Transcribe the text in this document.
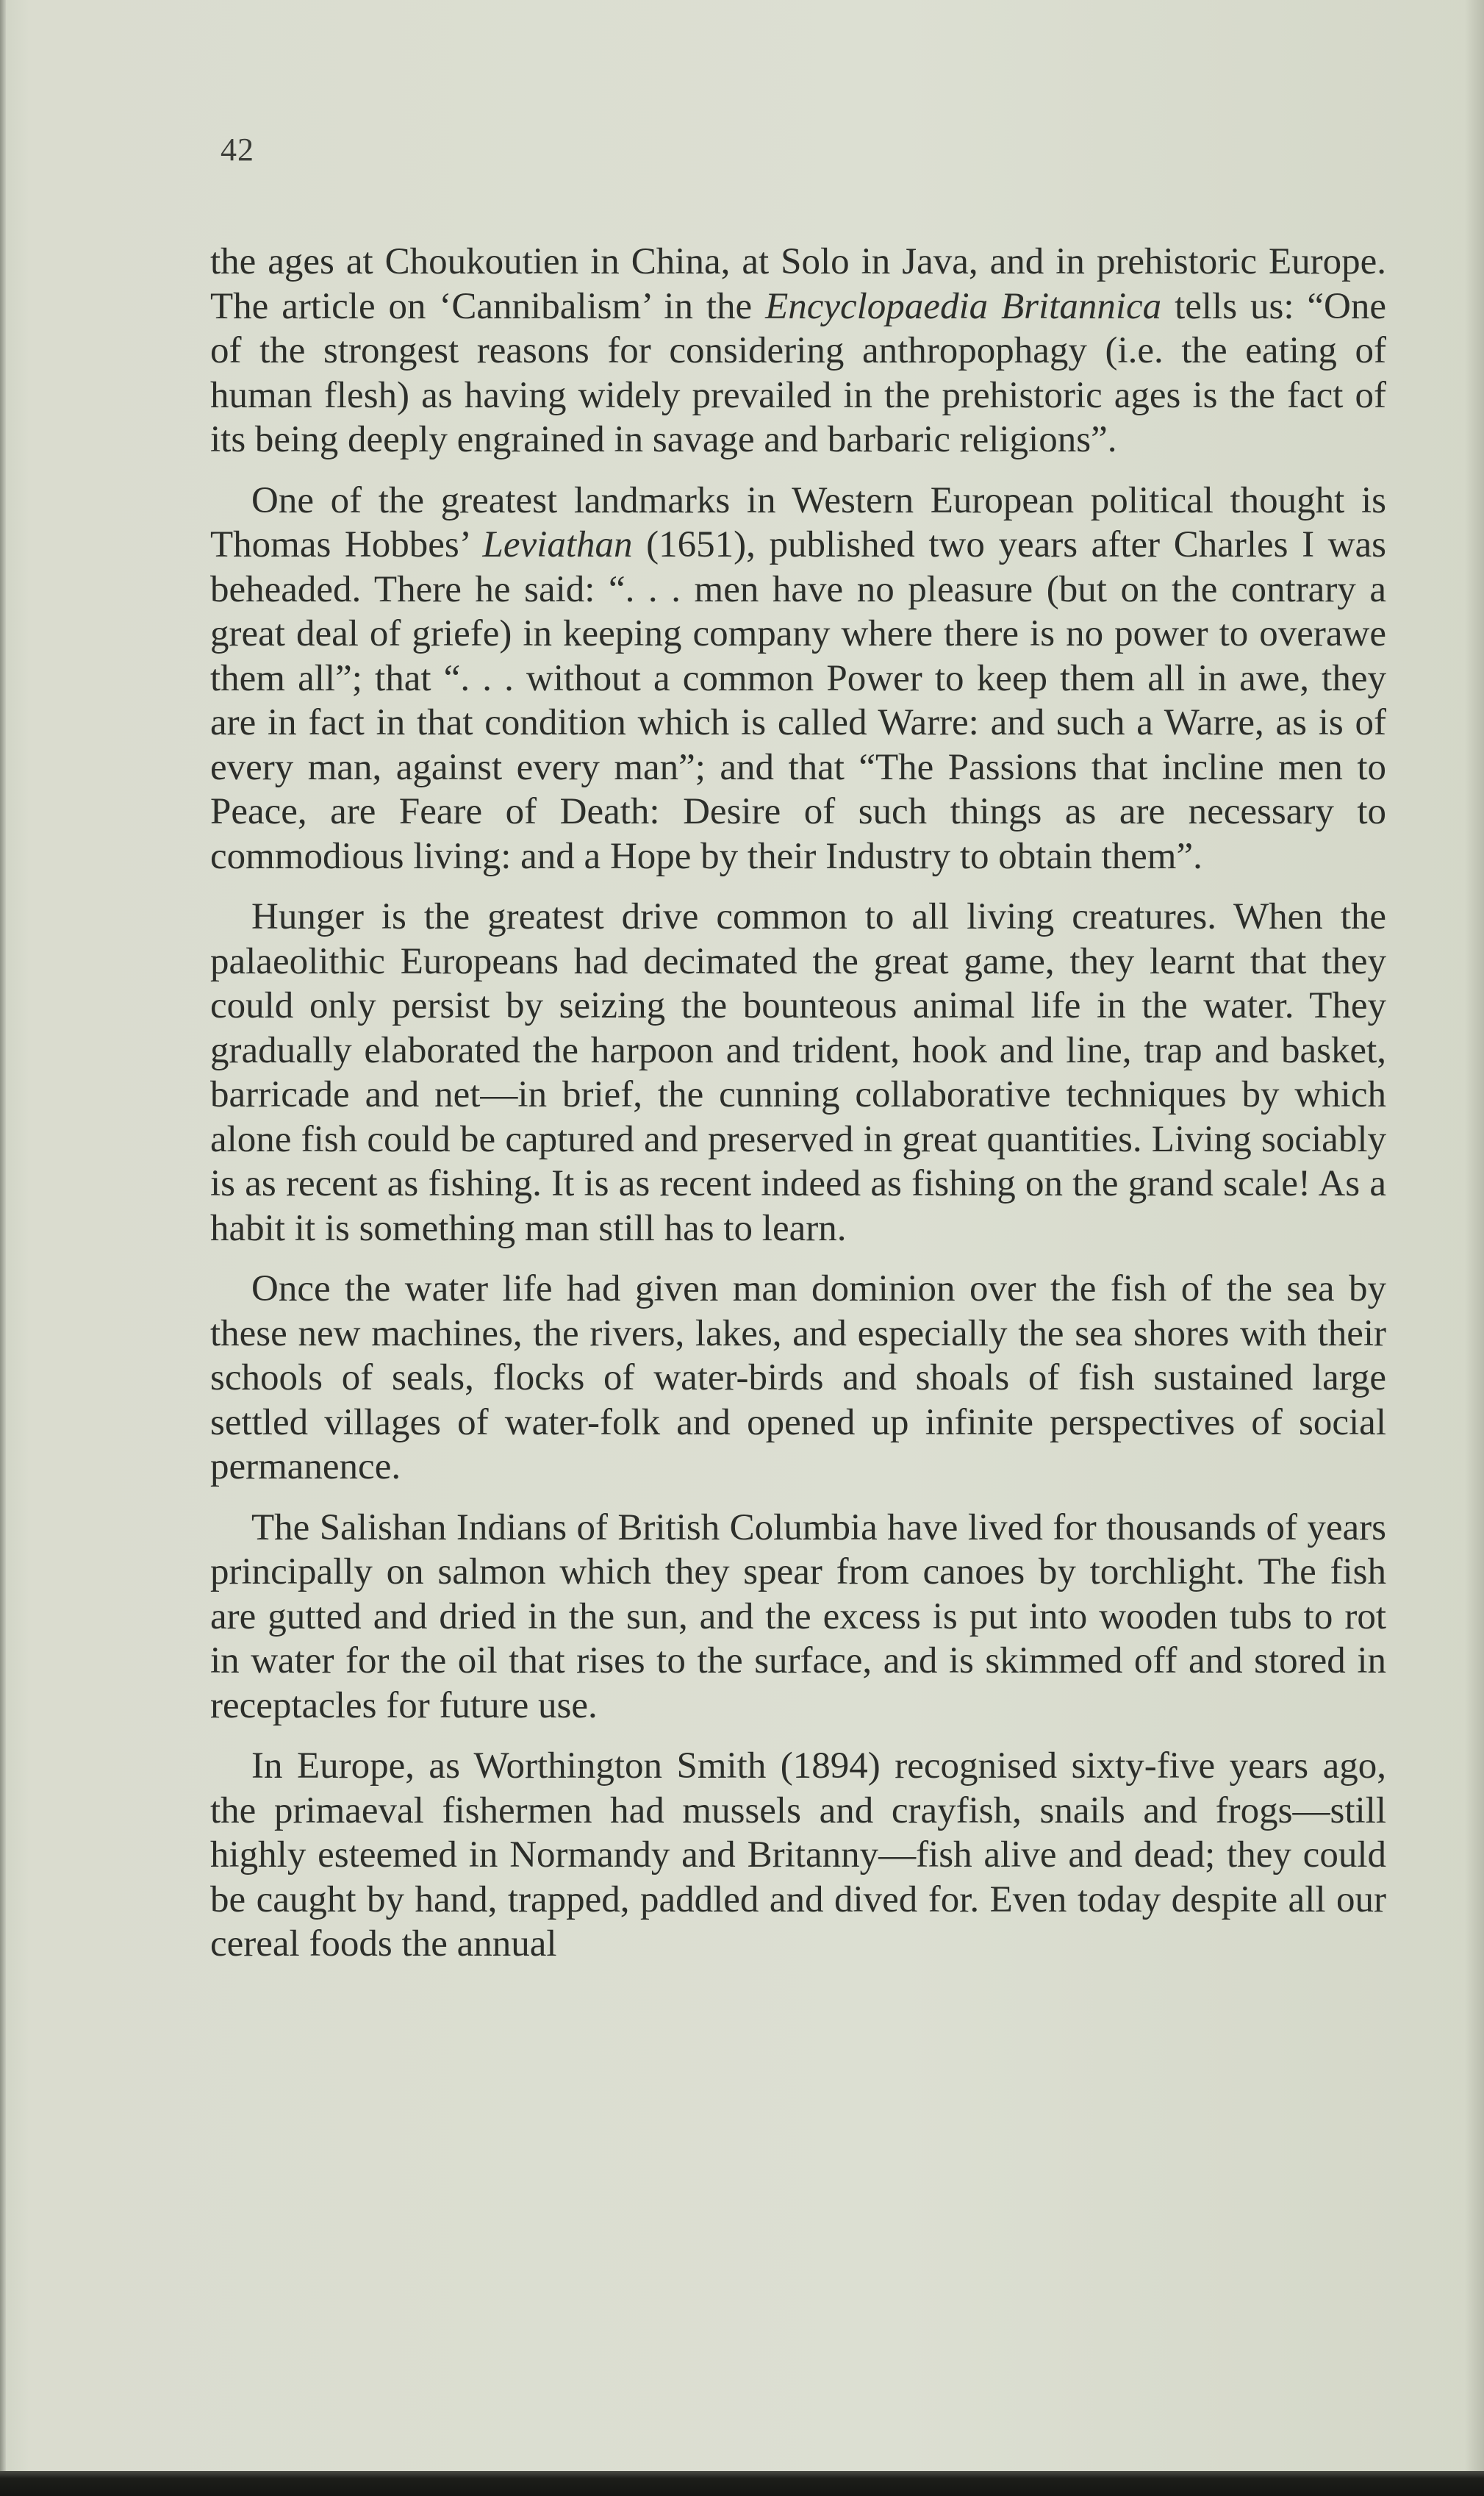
42

the ages at Choukoutien in China, at Solo in Java, and in prehistoric Europe. The article on ‘Cannibalism’ in the Encyclopaedia Britannica tells us: “One of the strongest reasons for considering anthropophagy (i.e. the eating of human flesh) as having widely prevailed in the prehistoric ages is the fact of its being deeply engrained in savage and barbaric religions”.

One of the greatest landmarks in Western European political thought is Thomas Hobbes’ Leviathan (1651), published two years after Charles I was beheaded. There he said: “. . . men have no pleasure (but on the contrary a great deal of griefe) in keeping company where there is no power to overawe them all”; that “. . . without a common Power to keep them all in awe, they are in fact in that condition which is called Warre: and such a Warre, as is of every man, against every man”; and that “The Passions that incline men to Peace, are Feare of Death: Desire of such things as are necessary to commodious living: and a Hope by their Industry to obtain them”.

Hunger is the greatest drive common to all living creatures. When the palaeolithic Europeans had decimated the great game, they learnt that they could only persist by seizing the bounteous animal life in the water. They gradually elaborated the harpoon and trident, hook and line, trap and basket, barricade and net—in brief, the cunning collaborative techniques by which alone fish could be captured and preserved in great quantities. Living sociably is as recent as fishing. It is as recent indeed as fishing on the grand scale! As a habit it is something man still has to learn.

Once the water life had given man dominion over the fish of the sea by these new machines, the rivers, lakes, and especially the sea shores with their schools of seals, flocks of water-birds and shoals of fish sustained large settled villages of water-folk and opened up infinite perspectives of social permanence.

The Salishan Indians of British Columbia have lived for thousands of years principally on salmon which they spear from canoes by torchlight. The fish are gutted and dried in the sun, and the excess is put into wooden tubs to rot in water for the oil that rises to the surface, and is skimmed off and stored in receptacles for future use.

In Europe, as Worthington Smith (1894) recognised sixty-five years ago, the primaeval fishermen had mussels and crayfish, snails and frogs—still highly esteemed in Normandy and Britanny—fish alive and dead; they could be caught by hand, trapped, paddled and dived for. Even today despite all our cereal foods the annual
